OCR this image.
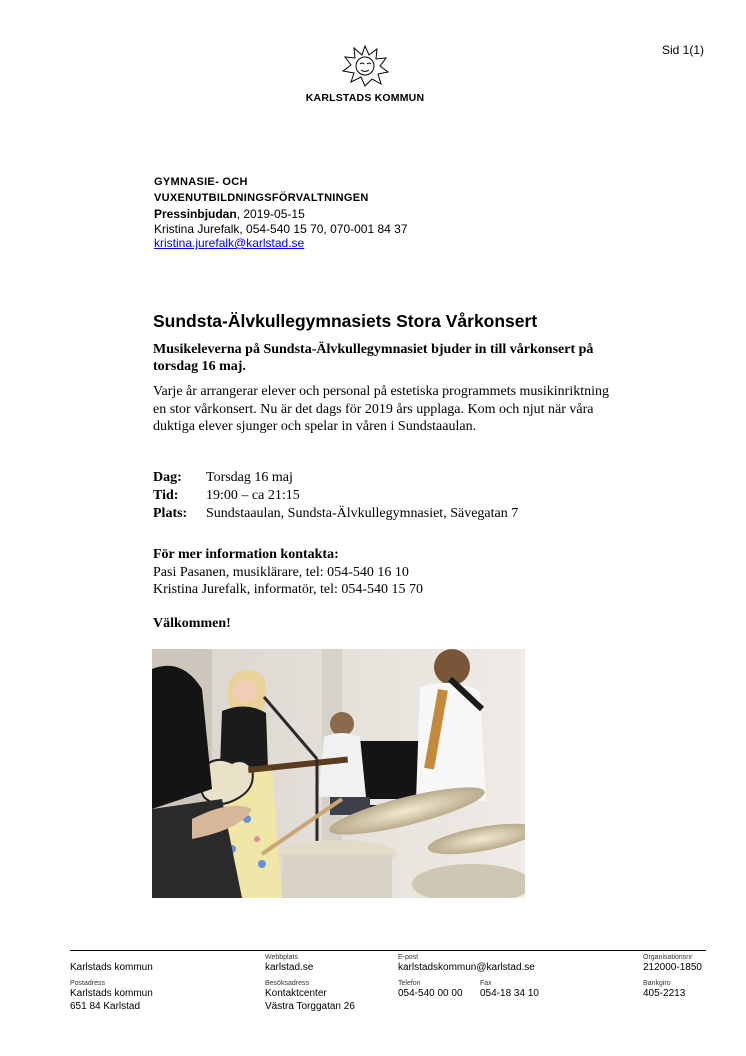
Sid 1(1)
KARLSTADS KOMMUN
GYMNASIE- OCH
VUXENUTBILDNINGSFÖRVALTNINGEN
Pressinbjudan, 2019-05-15
Kristina Jurefalk, 054-540 15 70, 070-001 84 37
kristina.jurefalk@karlstad.se
Sundsta-Älvkullegymnasiets Stora Vårkonsert
Musikeleverna på Sundsta-Älvkullegymnasiet bjuder in till vårkonsert på torsdag 16 maj.
Varje år arrangerar elever och personal på estetiska programmets musikinriktning en stor vårkonsert. Nu är det dags för 2019 års upplaga. Kom och njut när våra duktiga elever sjunger och spelar in våren i Sundstaaulan.
Dag:	Torsdag 16 maj
Tid:	19:00 – ca 21:15
Plats:	Sundstaaulan, Sundsta-Älvkullegymnasiet, Sävegatan 7
För mer information kontakta:
Pasi Pasanen, musiklärare, tel: 054-540 16 10
Kristina Jurefalk, informatör, tel: 054-540 15 70
Välkommen!
Karlstads kommun
Webbplats
karlstad.se
E-post
karlstadskommun@karlstad.se
Organisationsnr
212000-1850
Postadress
Karlstads kommun
651 84 Karlstad
Besöksadress
Kontaktcenter
Västra Torggatan 26
Telefon
054-540 00 00
Fax
054-18 34 10
Bankgiro
405-2213
